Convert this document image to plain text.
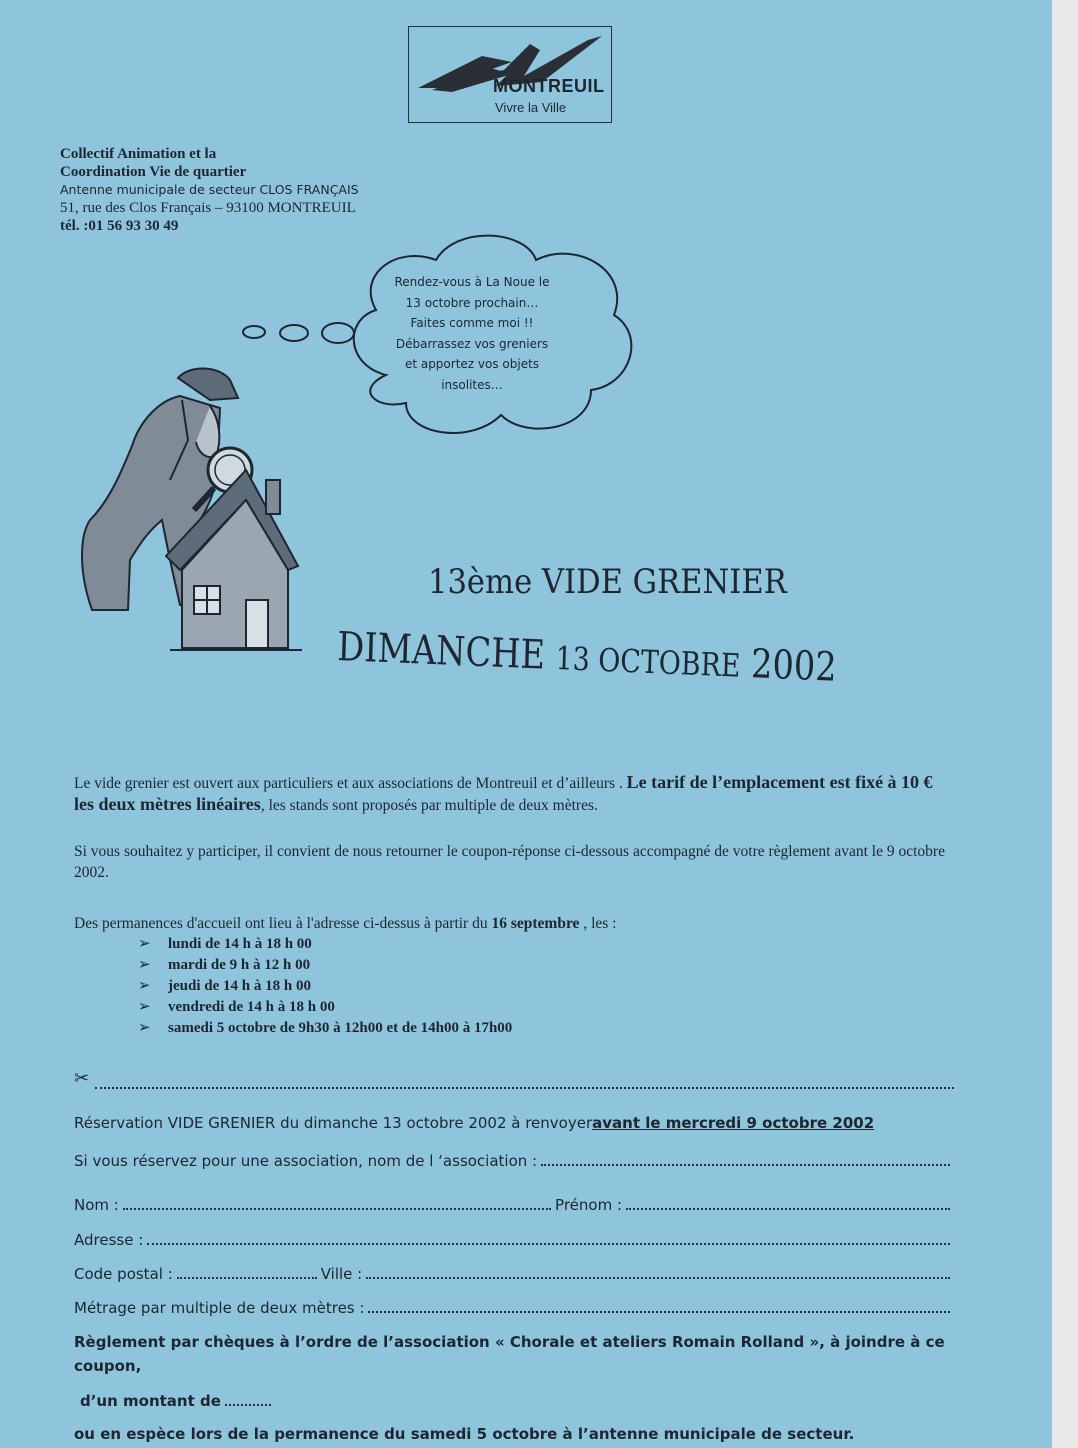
MONTREUIL
Vivre la Ville
Collectif Animation et la
Coordination Vie de quartier
Antenne municipale de secteur CLOS FRANÇAIS
51, rue des Clos Français – 93100 MONTREUIL
tél. :01 56 93 30 49
Rendez-vous à La Noue le
13 octobre prochain…
Faites comme moi !!
Débarrassez vos greniers
et apportez vos objets
insolites…
13ème VIDE GRENIER
DIMANCHE 13 OCTOBRE 2002
Le vide grenier est ouvert aux particuliers et aux associations de Montreuil et d’ailleurs . Le tarif de l’emplacement est fixé à 10 € les deux mètres linéaires, les stands sont proposés par multiple de deux mètres.
Si vous souhaitez y participer, il convient de nous retourner le coupon-réponse ci-dessous accompagné de votre règlement avant le 9 octobre 2002.
Des permanences d'accueil ont lieu à l'adresse ci-dessus à partir du 16 septembre , les :
➢	lundi de 14 h à 18 h 00
➢	mardi de 9 h à 12 h 00
➢	jeudi de 14 h à 18 h 00
➢	vendredi de 14 h à 18 h 00
➢	samedi 5 octobre de 9h30 à 12h00 et de 14h00 à 17h00
✂
Réservation VIDE GRENIER du dimanche 13 octobre 2002 à renvoyer avant le mercredi 9 octobre 2002
Si vous réservez pour une association, nom de l ‘association :
Nom :	Prénom :
Adresse :
Code postal :	Ville :
Métrage par multiple de deux mètres :
Règlement par chèques à l’ordre de l’association « Chorale et ateliers Romain Rolland », à joindre à ce coupon,
d’un montant de
ou en espèce lors de la permanence du samedi 5 octobre à l’antenne municipale de secteur.
